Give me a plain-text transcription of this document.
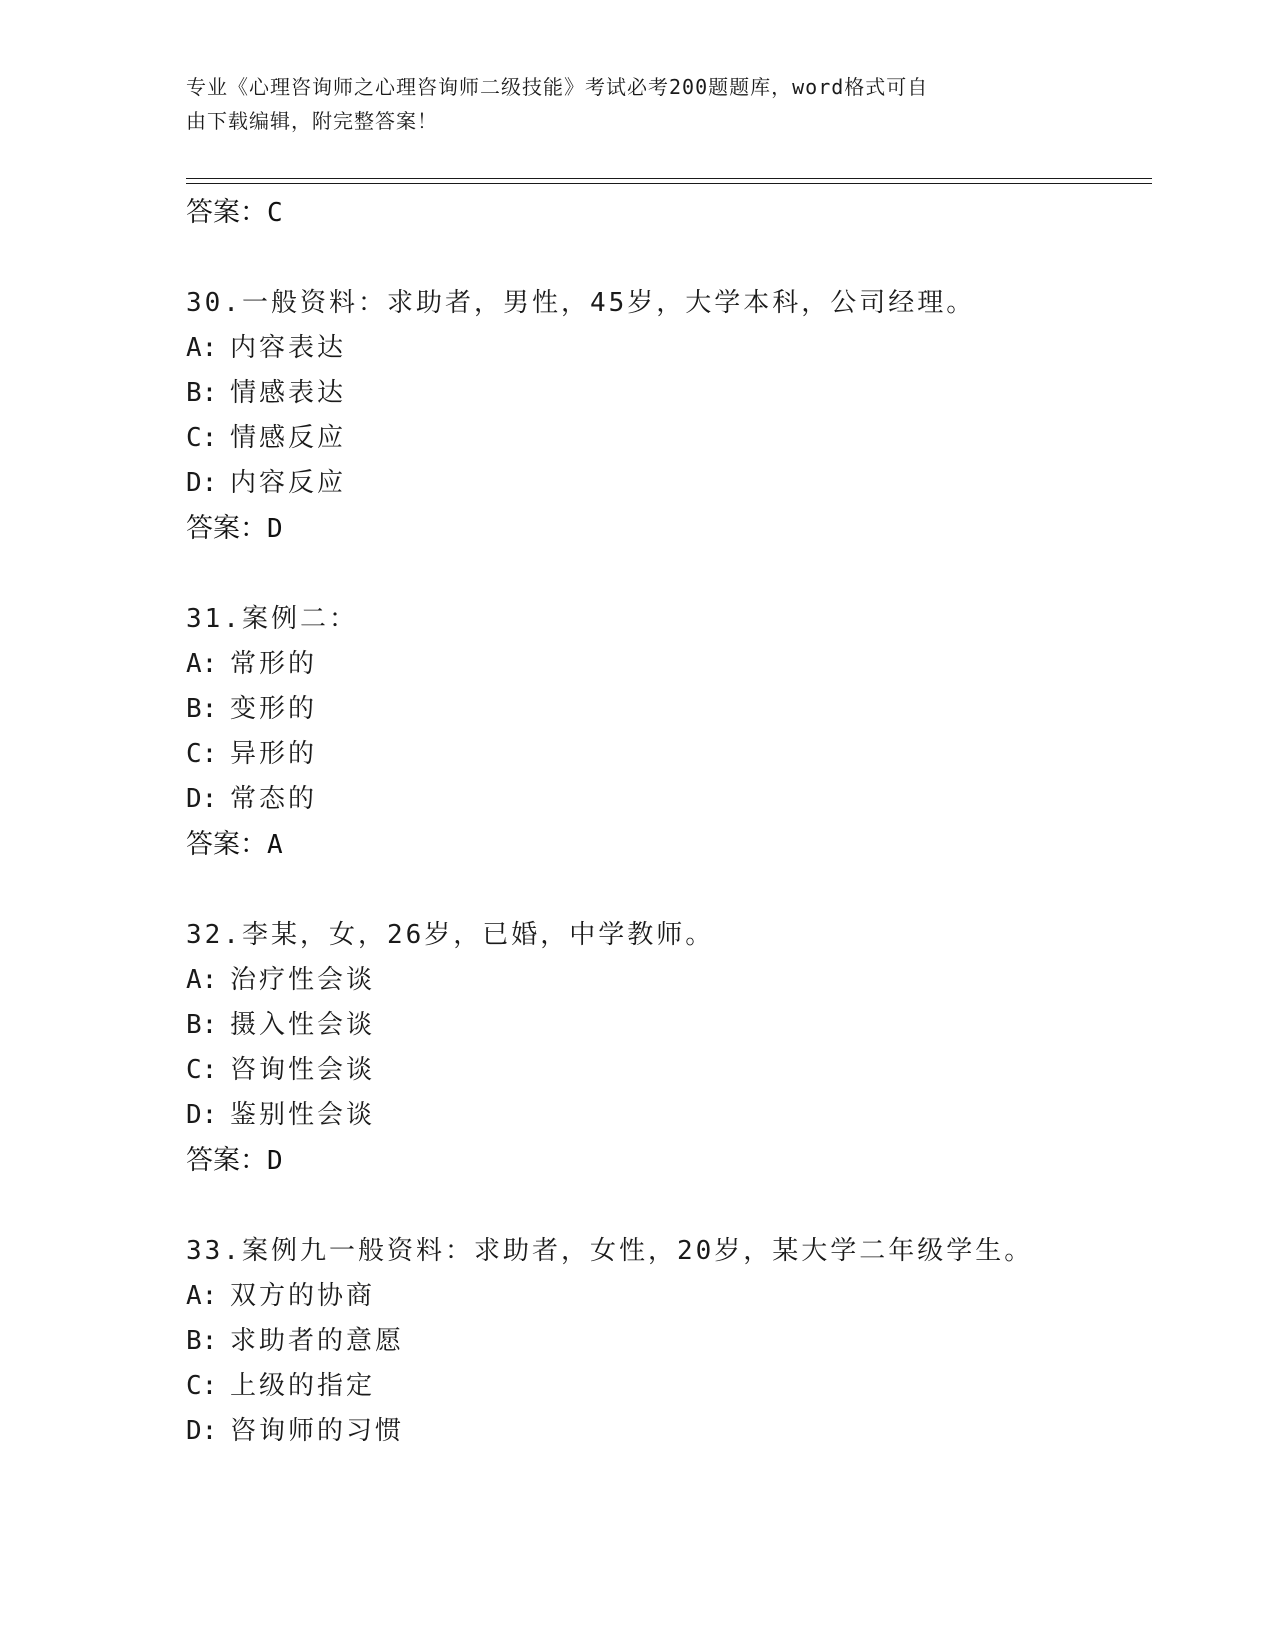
专业《心理咨询师之心理咨询师二级技能》考试必考200题题库，word格式可自
由下载编辑，附完整答案！
答案：C
30.一般资料：求助者，男性，45岁，大学本科，公司经理。
A: 内容表达
B: 情感表达
C: 情感反应
D: 内容反应
答案：D
31.案例二：
A: 常形的
B: 变形的
C: 异形的
D: 常态的
答案：A
32.李某，女，26岁，已婚，中学教师。
A: 治疗性会谈
B: 摄入性会谈
C: 咨询性会谈
D: 鉴别性会谈
答案：D
33.案例九一般资料：求助者，女性，20岁，某大学二年级学生。
A: 双方的协商
B: 求助者的意愿
C: 上级的指定
D: 咨询师的习惯
